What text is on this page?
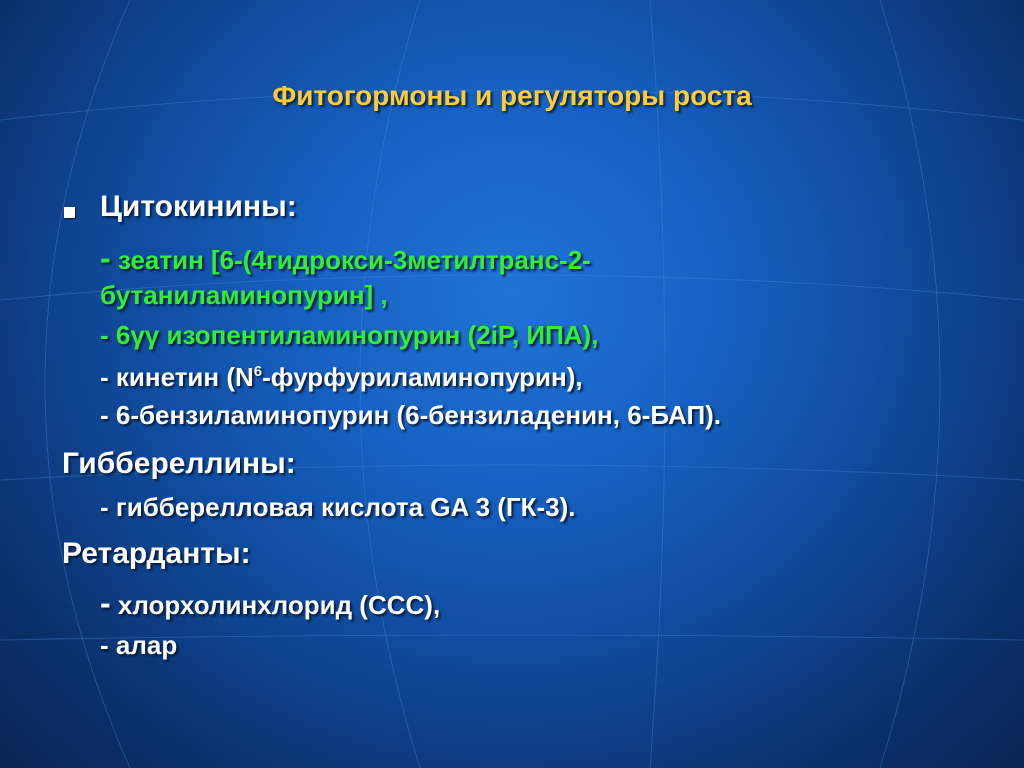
Фитогормоны и регуляторы роста
Цитокинины:
- зеатин [6-(4гидрокси-3метилтранс-2-
бутаниламинопурин] ,
- 6γγ изопентиламинопурин (2iP, ИПА),
- кинетин $(N^6-фурфуриламинопурин)$,
- 6-бензиламинопурин (6-бензиладенин, 6-БАП).
Гиббереллины:
- гиббереллoвая кислота GA 3 (ГК-3).
Ретарданты:
- хлорхолинхлорид (ССС),
- алар
